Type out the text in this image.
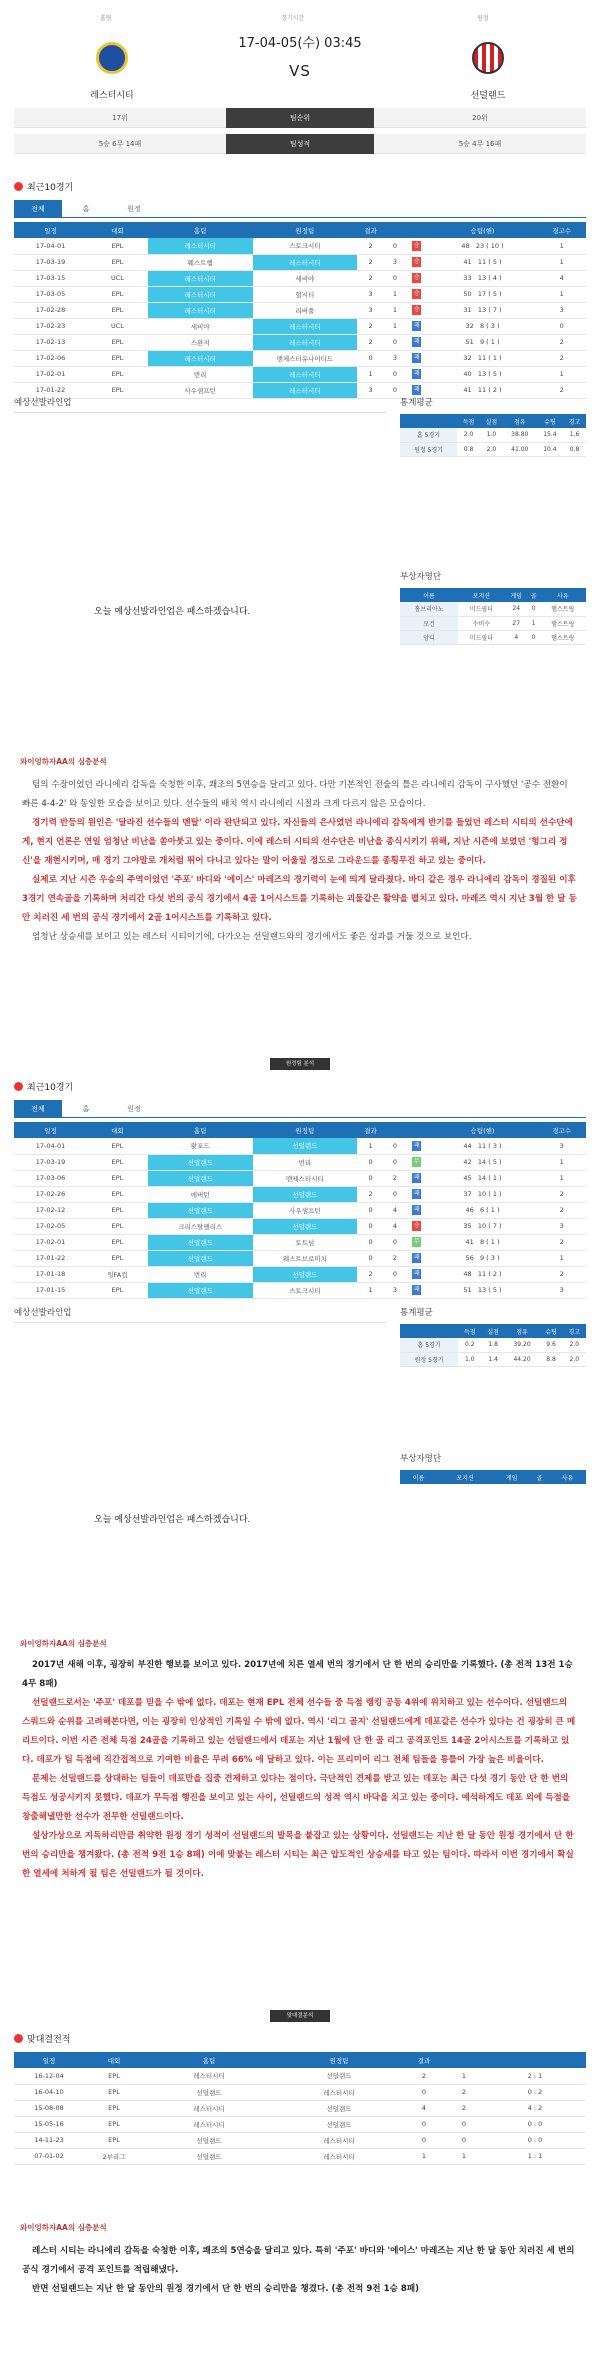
홈팀	경기시간	원정
17-04-05(수) 03:45
VS
레스터시티	선덜랜드
17위	팀순위	20위
5승 6무 14패	팀성적	5승 4무 16패
최근10경기
전체	홈	원정
일정	대회	홈팀	원정팀	결과			승팀(핸)	경고수
17-04-01	EPL	레스터시티	스토크시티	2	0	승	48 23 ( 10 )	1
17-03-19	EPL	웨스트햄	레스터시티	2	3	승	41 11 ( 5 )	1
17-03-15	UCL	레스터시티	세비야	2	0	승	33 13 ( 4 )	4
17-03-05	EPL	레스터시티	헐시티	3	1	승	50 17 ( 5 )	1
17-02-28	EPL	레스터시티	리버풀	3	1	승	31 13 ( 7 )	3
17-02-23	UCL	세비야	레스터시티	2	1	패	32 8 ( 3 )	0
17-02-13	EPL	스완지	레스터시티	2	0	패	51 9 ( 1 )	2
17-02-06	EPL	레스터시티	맨체스터유나이티드	0	3	패	32 11 ( 1 )	2
17-02-01	EPL	번리	레스터시티	1	0	패	40 13 ( 5 )	1
17-01-22	EPL	사우샘프턴	레스터시티	3	0	패	41 11 ( 2 )	2
예상선발라인업
오늘 예상선발라인업은 패스하겠습니다.
통계평균
	득점	실점	점유	슈팅	경고
홈 5경기	2.0	1.0	38.80	15.4	1.6
원정 5경기	0.8	2.0	41.00	10.4	0.8
부상자명단
이름	포지션	게임	골	사유
홀브리아노	미드필더	24	0	햄스트링
모건	수비수	27	1	햄스트링
암디	미드필더	4	0	햄스트링
와이엉하자AA의 심층분석

팀의 수장이었던 라니에리 감독을 숙청한 이후, 쾌조의 5연승을 달리고 있다. 다만 기본적인 전술의 틀은 라니에리 감독이 구사했던 '공수 전환이 빠른 4-4-2' 와 동일한 모습을 보이고 있다. 선수들의 배치 역시 라니에리 시절과 크게 다르지 않은 모습이다.

경기력 반등의 원인은 '달라진 선수들의 멘탈' 이라 판단되고 있다. 자신들의 은사였던 라니에리 감독에게 반기를 들었던 레스터 시티의 선수단에게, 현지 언론은 연일 엄청난 비난을 쏟아붓고 있는 중이다. 이에 레스터 시티의 선수단은 비난을 종식시키기 위해, 지난 시즌에 보였던 '헝그리 정신'을 재현시키며, 매 경기 그야말로 개처럼 뛰어 다니고 있다는 말이 어울릴 정도로 그라운드를 종횡무진 하고 있는 중이다.

실제로 지난 시즌 우승의 주역이었던 '주포' 바디와 '에이스' 마레즈의 경기력이 눈에 띄게 달라졌다. 바디 같은 경우 라니에리 감독이 경질된 이후 3경기 연속골을 기록하며 처리간 다섯 번의 공식 경기에서 4골 1어시스트를 기록하는 괴물같은 활약을 펼치고 있다. 마레즈 역시 지난 3월 한 달 동안 치러진 세 번의 공식 경기에서 2골 1어시스트를 기록하고 있다.

엄청난 상승세를 보이고 있는 레스터 시티이기에, 다가오는 선덜랜드와의 경기에서도 좋은 성과를 거둘 것으로 보인다.

원정팀 분석
최근10경기
전체	홈	원정
일정	대회	홈팀	원정팀	결과			승팀(핸)	경고수
17-04-01	EPL	왓포드	선덜랜드	1	0	패	44 11 ( 3 )	3
17-03-19	EPL	선덜랜드	번리	0	0	무	42 14 ( 5 )	1
17-03-06	EPL	선덜랜드	맨체스터시티	0	2	패	45 14 ( 1 )	1
17-02-26	EPL	에버턴	선덜랜드	2	0	패	37 10 ( 1 )	2
17-02-12	EPL	선덜랜드	사우샘프턴	0	4	패	46 6 ( 1 )	2
17-02-05	EPL	크리스탈팰리스	선덜랜드	0	4	승	35 10 ( 7 )	3
17-02-01	EPL	선덜랜드	토트넘	0	0	무	41 8 ( 1 )	2
17-01-22	EPL	선덜랜드	웨스트브로미치	0	2	패	56 9 ( 3 )	1
17-01-18	잉FA컵	번리	선덜랜드	2	0	패	48 11 ( 2 )	2
17-01-15	EPL	선덜랜드	스토크시티	1	3	패	51 13 ( 5 )	3
예상선발라인업
오늘 예상선발라인업은 패스하겠습니다.
통계평균
	득점	실점	점유	슈팅	경고
홈 5경기	0.2	1.8	39.20	9.6	2.0
원정 5경기	1.0	1.4	44.20	8.8	2.0
부상자명단
이름	포지션	게임	골	사유
와이엉하자AA의 심층분석

2017년 새해 이후, 굉장히 부진한 행보를 보이고 있다. 2017년에 치른 열세 번의 경기에서 단 한 번의 승리만을 기록했다. (총 전적 13전 1승 4무 8패)

선덜랜드로서는 '주포' 데포를 믿을 수 밖에 없다. 데포는 현재 EPL 전체 선수들 중 득점 랭킹 공동 4위에 위치하고 있는 선수이다. 선덜랜드의 스쿼드와 순위를 고려해본다면, 이는 굉장히 인상적인 기록일 수 밖에 없다. 역시 '리그 골지' 선덜랜드에게 데포같은 선수가 있다는 건 굉장히 큰 메리트이다. 이번 시즌 전체 득점 24골을 기록하고 있는 선덜랜드에서 데포는 지난 1월에 단 한 골 리그 공격포인트 14골 2어시스트를 기록하고 있다. 데포가 팀 득점에 직간접적으로 기여한 비율은 무려 66% 에 달하고 있다. 이는 프리미어 리그 전체 팀들을 통틀어 가장 높은 비율이다.

문제는 선덜랜드를 상대하는 팀들이 데포만을 집중 견제하고 있다는 점이다. 극단적인 견제를 받고 있는 데포는 최근 다섯 경기 동안 단 한 번의 득점도 성공시키지 못했다. 데포가 무득점 행진을 보이고 있는 사이, 선덜랜드의 성적 역시 바닥을 치고 있는 중이다. 예석하게도 데포 외에 득점을 창출해낼만한 선수가 전무한 선덜랜드이다.

설상가상으로 지독하리만큼 취약한 원정 경기 성적이 선덜랜드의 발목을 붙잡고 있는 상황이다. 선덜랜드는 지난 한 달 동안 원정 경기에서 단 한 번의 승리만을 챙겨왔다. (총 전적 9전 1승 8패) 이에 맞붙는 레스터 시티는 최근 압도적인 상승세를 타고 있는 팀이다. 따라서 이번 경기에서 확실한 열세에 처하게 될 팀은 선덜랜드가 될 것이다.

맞대결분석
맞대결전적
일정	대회	홈팀	원정팀	결과		
16-12-04	EPL	레스터시티	선덜랜드	2	1	2 : 1
16-04-10	EPL	선덜랜드	레스터시티	0	2	0 : 2
15-08-08	EPL	레스터시티	선덜랜드	4	2	4 : 2
15-05-16	EPL	레스터시티	선덜랜드	0	0	0 : 0
14-11-23	EPL	선덜랜드	레스터시티	0	0	0 : 0
07-01-02	2부리그	선덜랜드	레스터시티	1	1	1 : 1
와이엉하자AA의 심층분석

레스터 시티는 라니에리 감독을 숙청한 이후, 쾌조의 5연승을 달리고 있다. 특히 '주포' 바디와 '에이스' 마레즈는 지난 한 달 동안 치러진 세 번의 공식 경기에서 공격 포인트를 적립해냈다.

반면 선덜랜드는 지난 한 달 동안의 원정 경기에서 단 한 번의 승리만을 챙겼다. (총 전적 9전 1승 8패)
